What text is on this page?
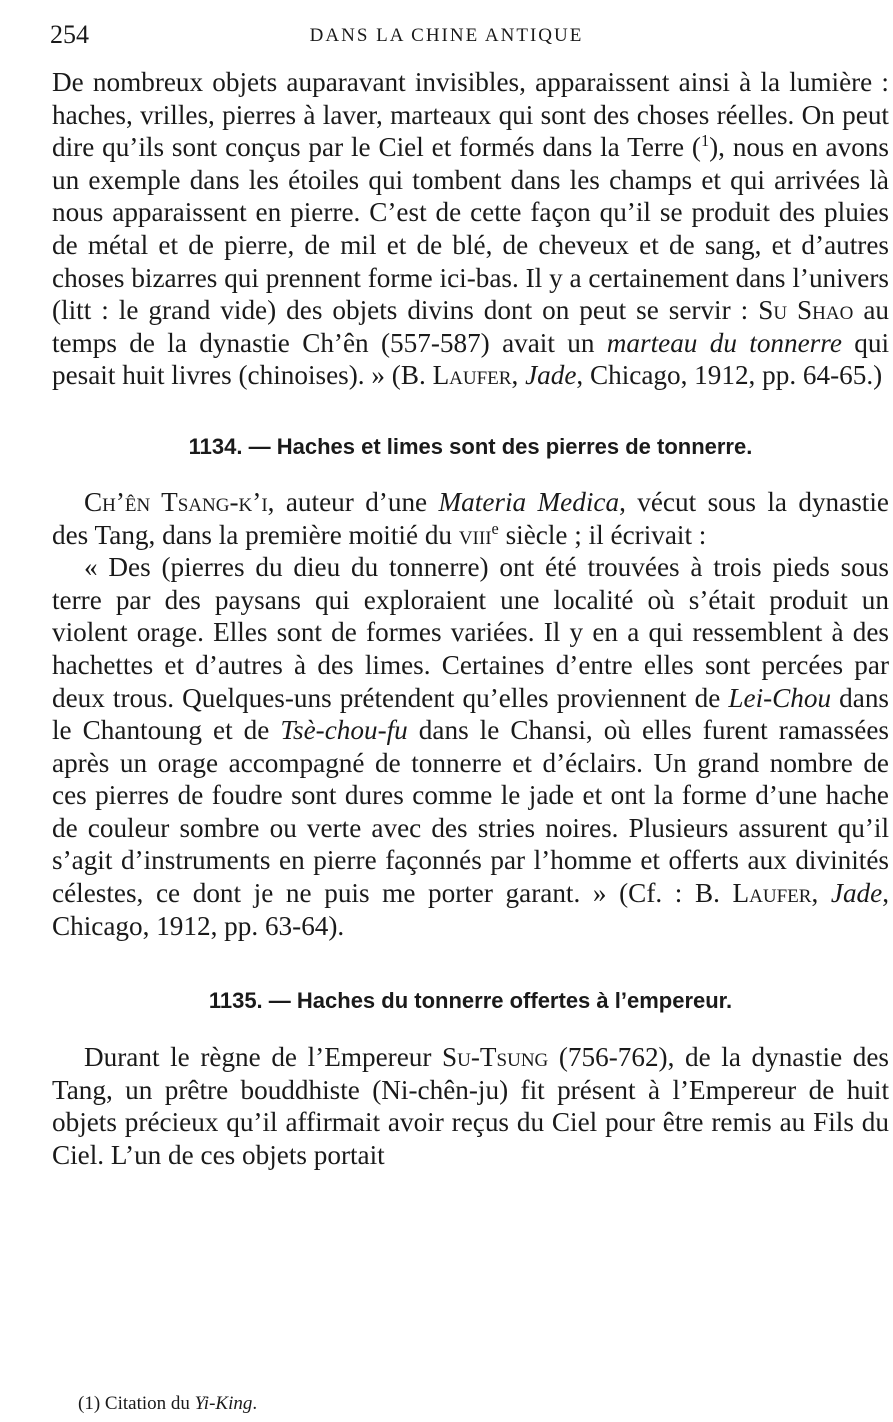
254	DANS LA CHINE ANTIQUE

De nombreux objets auparavant invisibles, apparaissent ainsi à la lumière : haches, vrilles, pierres à laver, marteaux qui sont des choses réelles. On peut dire qu’ils sont conçus par le Ciel et formés dans la Terre ($^1$), nous en avons un exemple dans les étoiles qui tombent dans les champs et qui arrivées là nous apparaissent en pierre. C’est de cette façon qu’il se produit des pluies de métal et de pierre, de mil et de blé, de cheveux et de sang, et d’autres choses bizarres qui prennent forme ici-bas. Il y a certainement dans l’univers (litt : le grand vide) des objets divins dont on peut se servir : Su Shao au temps de la dynastie Ch’ên (557-587) avait un marteau du tonnerre qui pesait huit livres (chinoises). » (B. Laufer, Jade, Chicago, 1912, pp. 64-65.)

1134. — Haches et limes sont des pierres de tonnerre.

Ch’ên Tsang-k’i, auteur d’une Materia Medica, vécut sous la dynastie des Tang, dans la première moitié du viii$^e$ siècle ; il écrivait :

« Des (pierres du dieu du tonnerre) ont été trouvées à trois pieds sous terre par des paysans qui exploraient une localité où s’était produit un violent orage. Elles sont de formes variées. Il y en a qui ressemblent à des hachettes et d’autres à des limes. Certaines d’entre elles sont percées par deux trous. Quelques-uns prétendent qu’elles proviennent de Lei-Chou dans le Chantoung et de Tsè-chou-fu dans le Chansi, où elles furent ramassées après un orage accompagné de tonnerre et d’éclairs. Un grand nombre de ces pierres de foudre sont dures comme le jade et ont la forme d’une hache de couleur sombre ou verte avec des stries noires. Plusieurs assurent qu’il s’agit d’instruments en pierre façonnés par l’homme et offerts aux divinités célestes, ce dont je ne puis me porter garant. » (Cf. : B. Laufer, Jade, Chicago, 1912, pp. 63-64).

1135. — Haches du tonnerre offertes à l’empereur.

Durant le règne de l’Empereur Su-Tsung (756-762), de la dynastie des Tang, un prêtre bouddhiste (Ni-chên-ju) fit présent à l’Empereur de huit objets précieux qu’il affirmait avoir reçus du Ciel pour être remis au Fils du Ciel. L’un de ces objets portait

(1) Citation du Yi-King.
